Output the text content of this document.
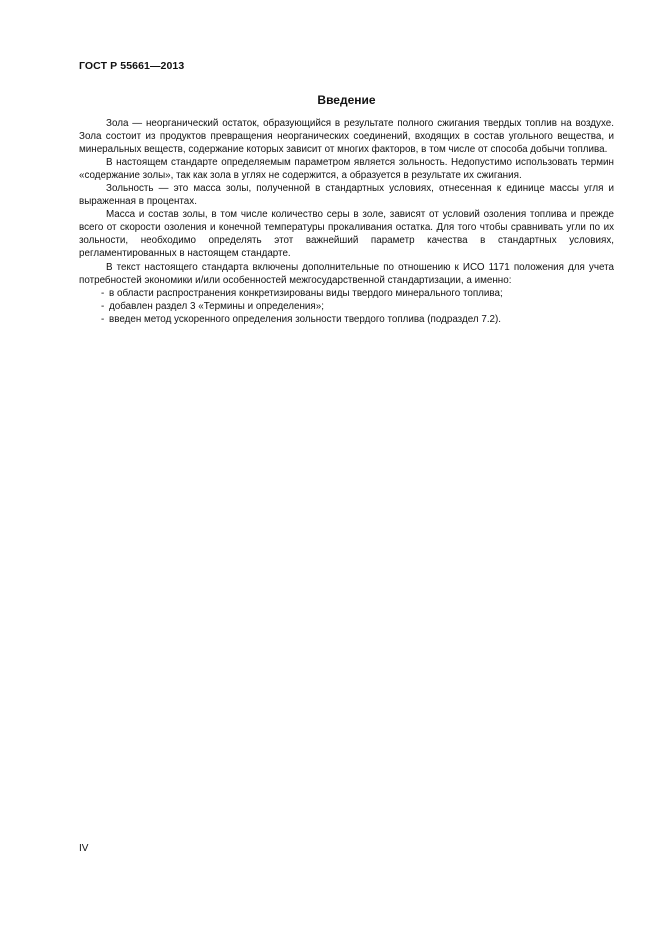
ГОСТ Р 55661—2013
Введение

Зола — неорганический остаток, образующийся в результате полного сжигания твердых топлив на воздухе. Зола состоит из продуктов превращения неорганических соединений, входящих в состав угольного вещества, и минеральных веществ, содержание которых зависит от многих факторов, в том числе от способа добычи топлива.

В настоящем стандарте определяемым параметром является зольность. Недопустимо использовать термин «содержание золы», так как зола в углях не содержится, а образуется в результате их сжигания.

Зольность — это масса золы, полученной в стандартных условиях, отнесенная к единице массы угля и выраженная в процентах.

Масса и состав золы, в том числе количество серы в золе, зависят от условий озоления топлива и прежде всего от скорости озоления и конечной температуры прокаливания остатка. Для того чтобы сравнивать угли по их зольности, необходимо определять этот важнейший параметр качества в стандартных условиях, регламентированных в настоящем стандарте.

В текст настоящего стандарта включены дополнительные по отношению к ИСО 1171 положения для учета потребностей экономики и/или особенностей межгосударственной стандартизации, а именно:

- в области распространения конкретизированы виды твердого минерального топлива;
- добавлен раздел 3 «Термины и определения»;
- введен метод ускоренного определения зольности твердого топлива (подраздел 7.2).
IV
